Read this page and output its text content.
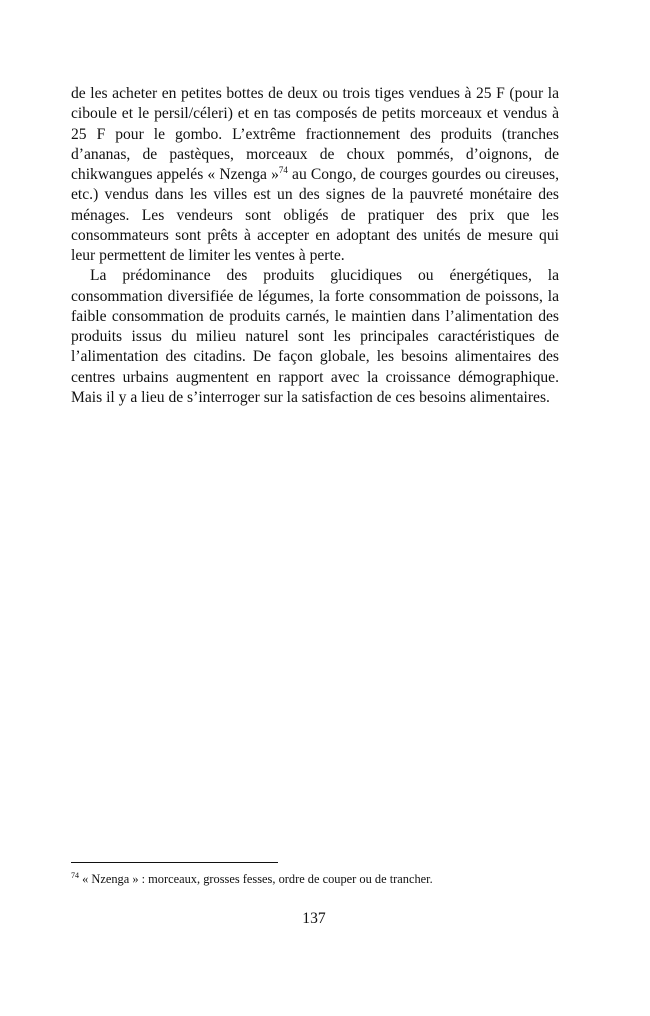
de les acheter en petites bottes de deux ou trois tiges vendues à 25 F (pour la ciboule et le persil/céleri) et en tas composés de petits morceaux et vendus à 25 F pour le gombo. L’extrême fractionnement des produits (tranches d’ananas, de pastèques, morceaux de choux pommés, d’oignons, de chikwangues appelés « Nzenga »$^{74}$ au Congo, de courges gourdes ou cireuses, etc.) vendus dans les villes est un des signes de la pauvreté monétaire des ménages. Les vendeurs sont obligés de pratiquer des prix que les consommateurs sont prêts à accepter en adoptant des unités de mesure qui leur permettent de limiter les ventes à perte.

La prédominance des produits glucidiques ou énergétiques, la consommation diversifiée de légumes, la forte consommation de poissons, la faible consommation de produits carnés, le maintien dans l’alimentation des produits issus du milieu naturel sont les principales caractéristiques de l’alimentation des citadins. De façon globale, les besoins alimentaires des centres urbains augmentent en rapport avec la croissance démographique. Mais il y a lieu de s’interroger sur la satisfaction de ces besoins alimentaires.

$^{74}$ « Nzenga » : morceaux, grosses fesses, ordre de couper ou de trancher.

137
